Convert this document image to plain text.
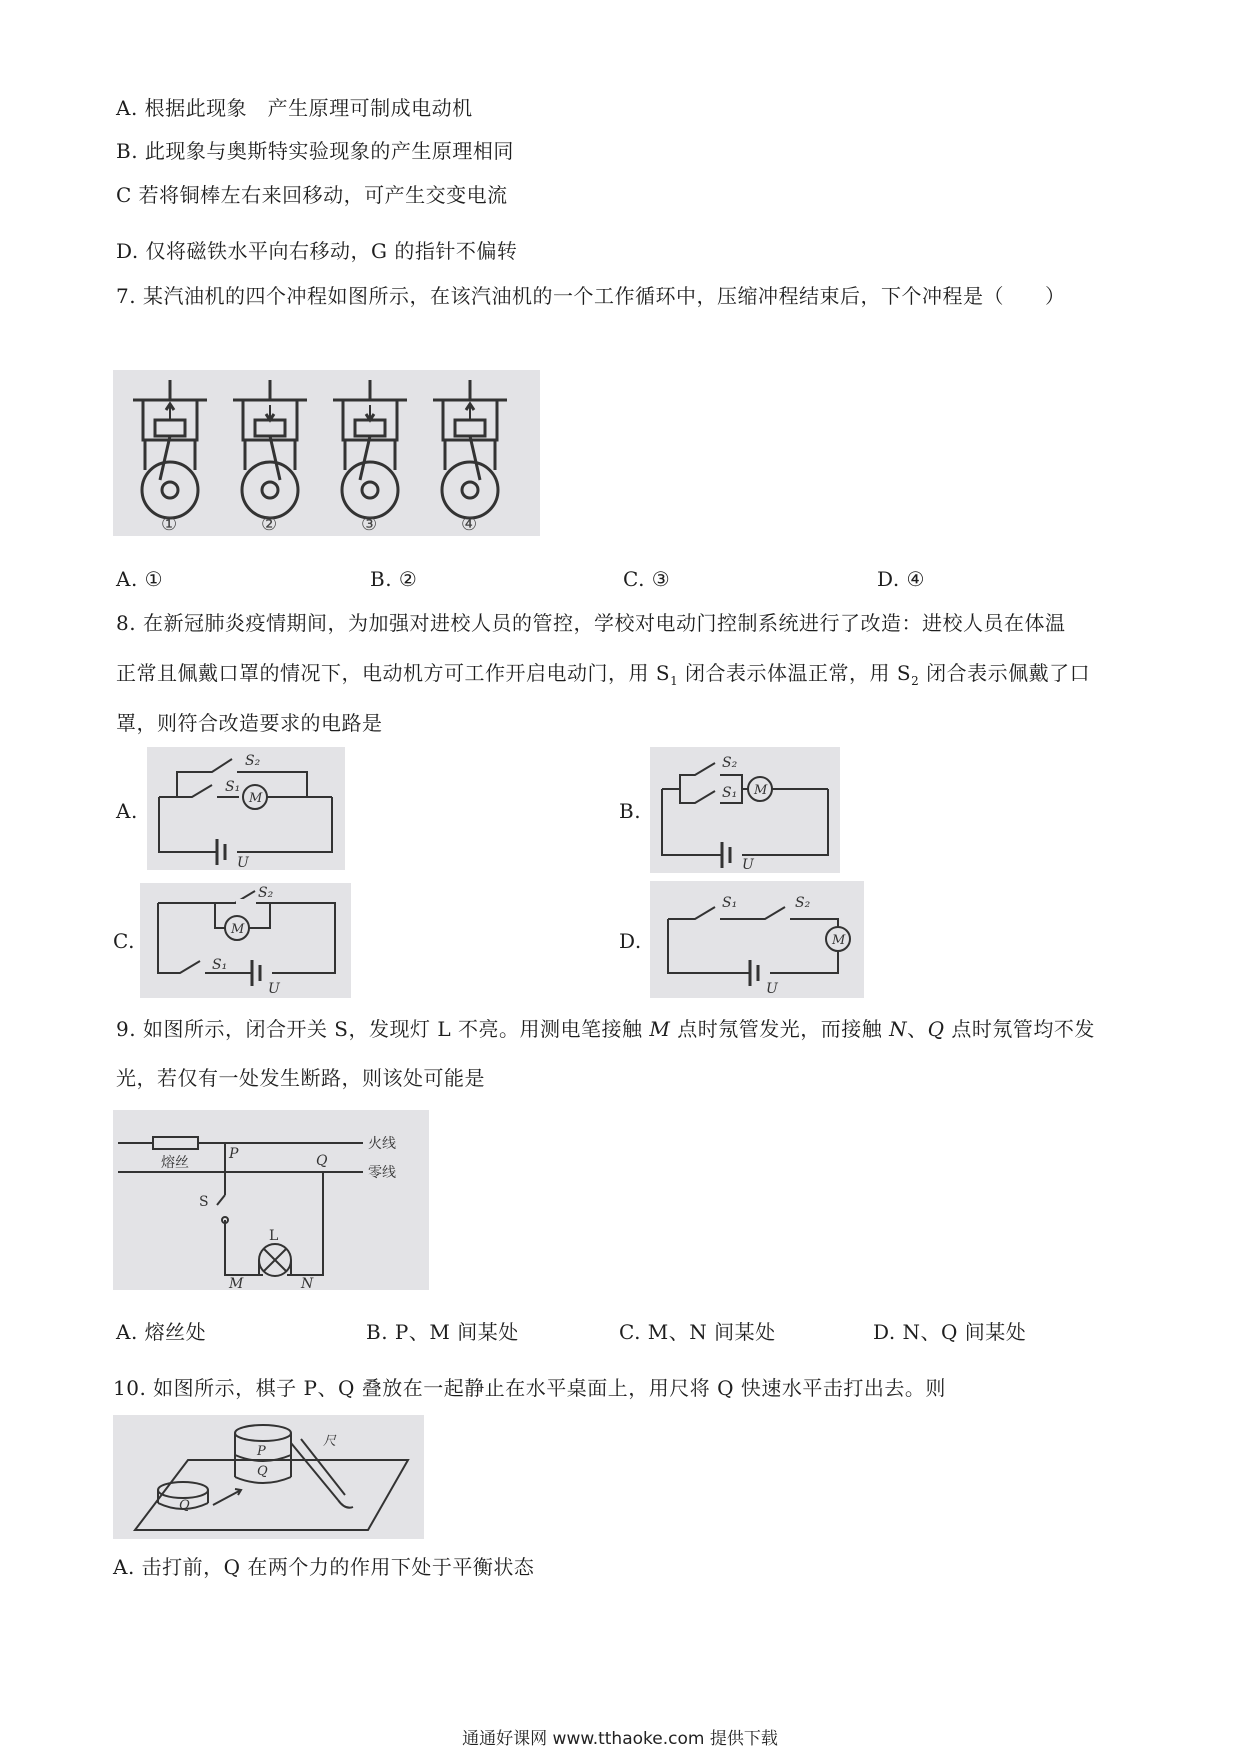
A. 根据此现象　产生原理可制成电动机
B. 此现象与奥斯特实验现象的产生原理相同
C 若将铜棒左右来回移动，可产生交变电流
D. 仅将磁铁水平向右移动，G 的指针不偏转
7. 某汽油机的四个冲程如图所示，在该汽油机的一个工作循环中，压缩冲程结束后，下个冲程是（　　）
①	②	③	④
A. ①	B. ②	C. ③	D. ④
8. 在新冠肺炎疫情期间，为加强对进校人员的管控，学校对电动门控制系统进行了改造：进校人员在体温
正常且佩戴口罩的情况下，电动机方可工作开启电动门，用 $S_1$ 闭合表示体温正常，用 $S_2$ 闭合表示佩戴了口
罩，则符合改造要求的电路是
A.
S₂
S₁
M
U
B.
S₂
S₁ M
U
C.
S₂
S₁
M
U
D.
S₁	S₂
M
U
9. 如图所示，闭合开关 S，发现灯 L 不亮。用测电笔接触 M 点时氖管发光，而接触 N、Q 点时氖管均不发
光，若仅有一处发生断路，则该处可能是
熔丝
火线
零线
P	Q
S
L
M	N
A. 熔丝处	B. P、M 间某处	C. M、N 间某处	D. N、Q 间某处
10. 如图所示，棋子 P、Q 叠放在一起静止在水平桌面上，用尺将 Q 快速水平击打出去。则
P
Q
Q
尺
A. 击打前，Q 在两个力的作用下处于平衡状态
通通好课网 www.tthaoke.com 提供下载
